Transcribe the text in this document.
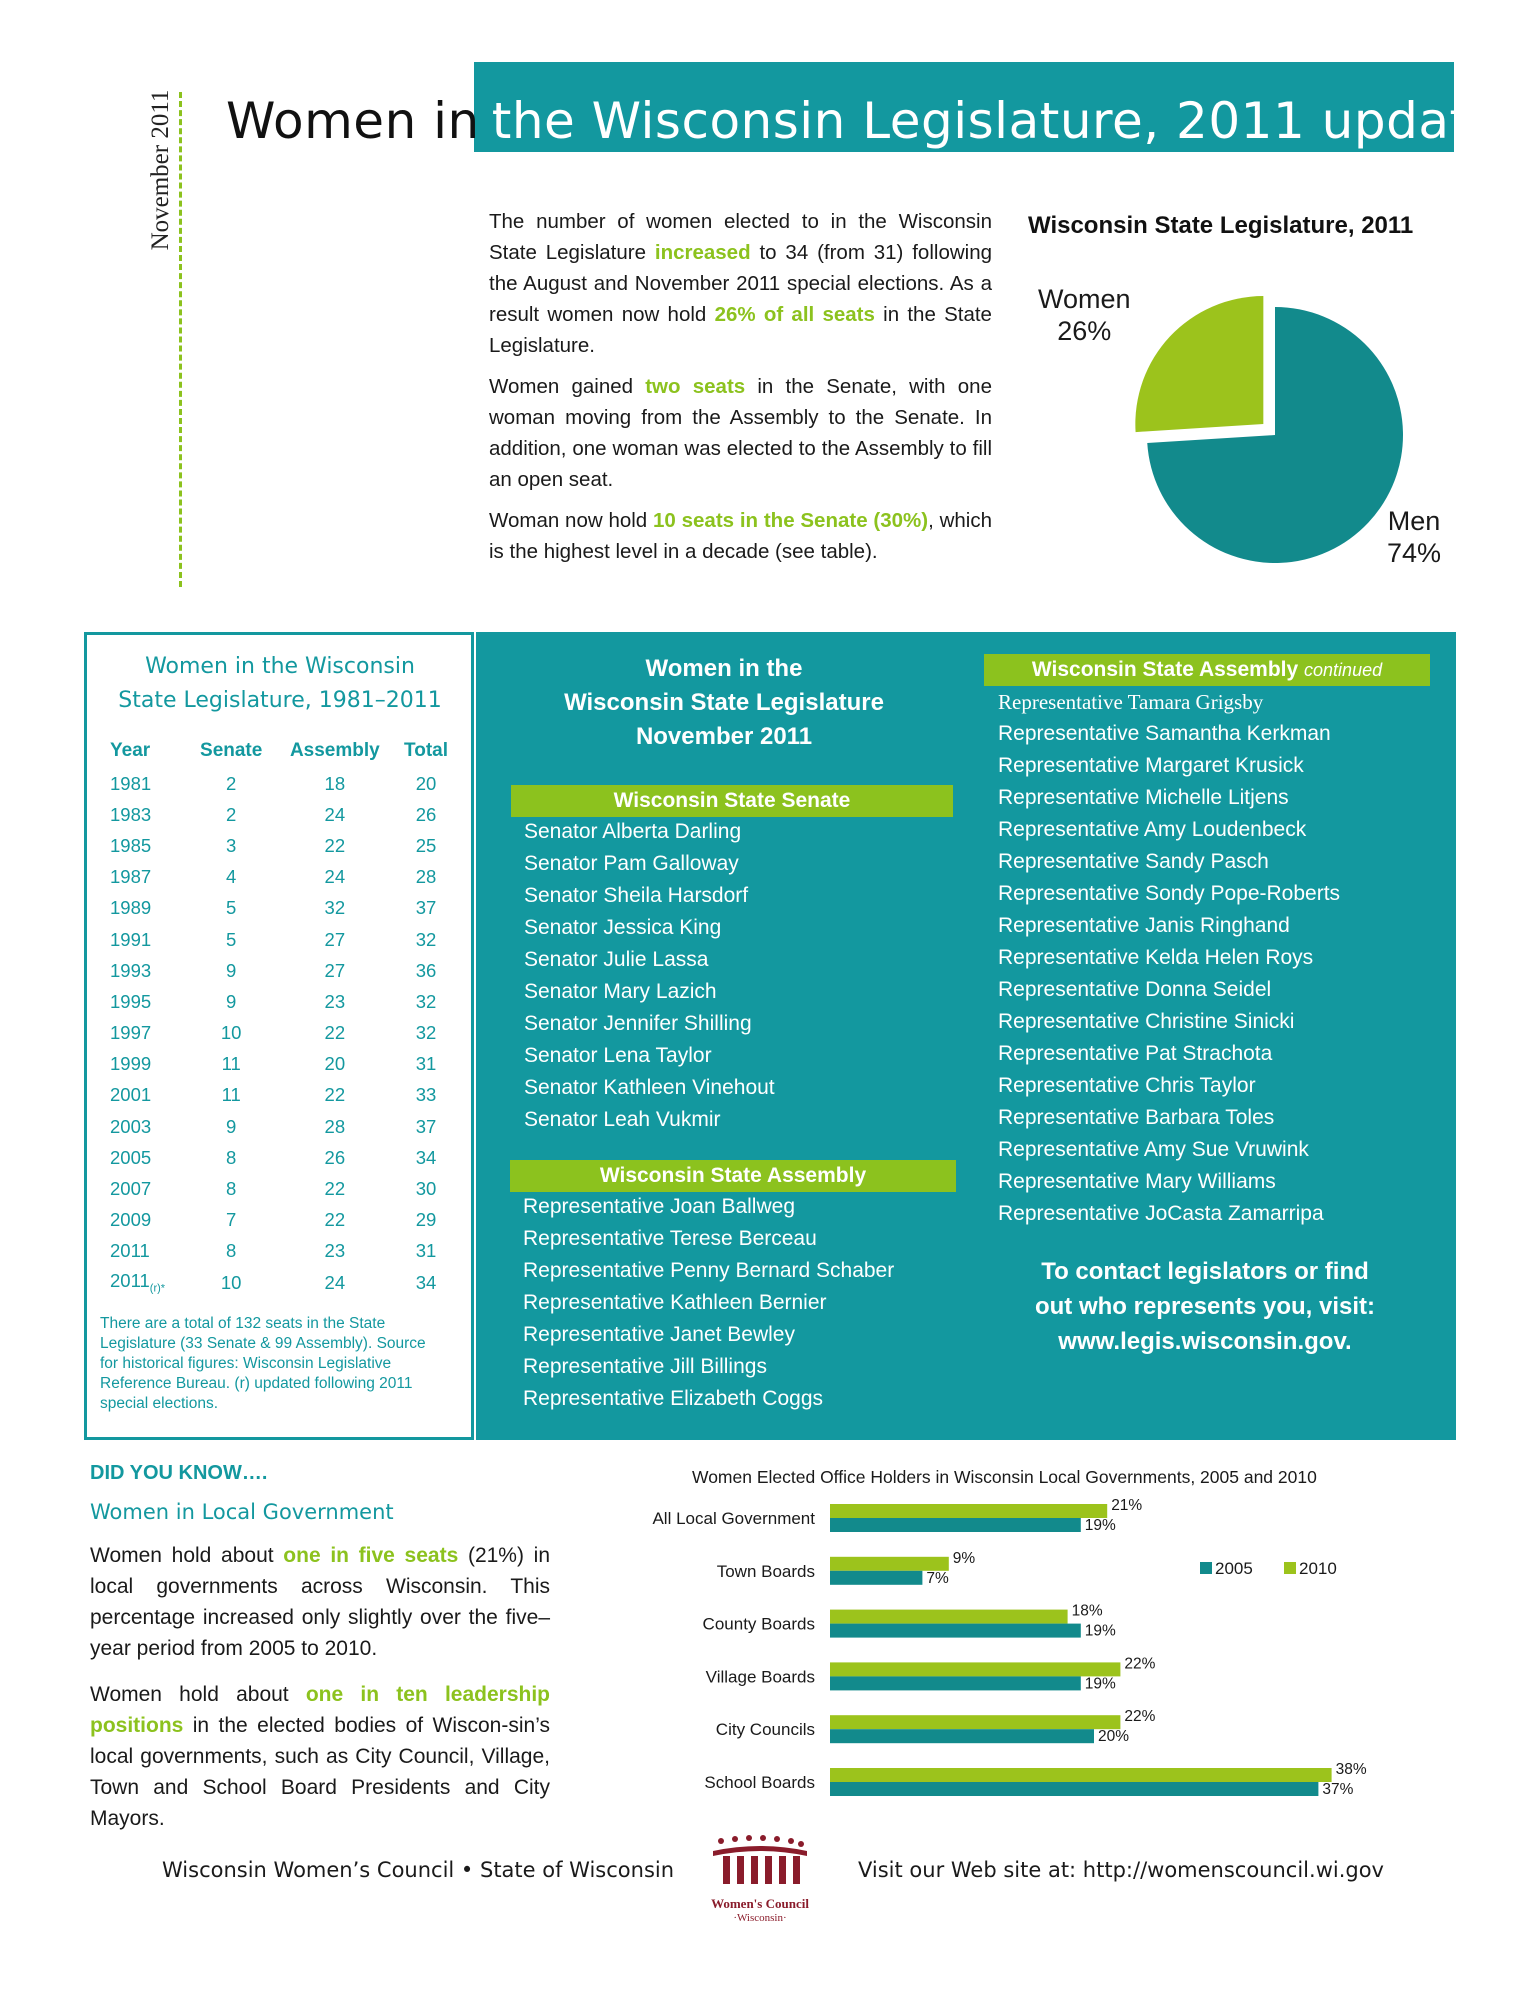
November 2011 Women in the Wisconsin Legislature, 2011 update

The number of women elected to in the Wisconsin State Legislature increased to 34 (from 31) following the August and November 2011 special elections. As a result women now hold 26% of all seats in the State Legislature.

Women gained two seats in the Senate, with one woman moving from the Assembly to the Senate. In addition, one woman was elected to the Assembly to fill an open seat.

Woman now hold 10 seats in the Senate (30%), which is the highest level in a decade (see table).

Wisconsin State Legislature, 2011
Women
26%
Men
74%
Women in the Wisconsin
State Legislature, 1981–2011
Year	Senate	Assembly	Total
1981	2	18	20
1983	2	24	26
1985	3	22	25
1987	4	24	28
1989	5	32	37
1991	5	27	32
1993	9	27	36
1995	9	23	32
1997	10	22	32
1999	11	20	31
2001	11	22	33
2003	9	28	37
2005	8	26	34
2007	8	22	30
2009	7	22	29
2011	8	23	31
$2011_{(r)*}$	10	24	34
There are a total of 132 seats in the State Legislature (33 Senate & 99 Assembly). Source for historical figures: Wisconsin Legislative Reference Bureau. (r) updated following 2011 special elections.
Women in the
Wisconsin State Legislature
November 2011
Wisconsin State Senate
Senator Alberta Darling
Senator Pam Galloway
Senator Sheila Harsdorf
Senator Jessica King
Senator Julie Lassa
Senator Mary Lazich
Senator Jennifer Shilling
Senator Lena Taylor
Senator Kathleen Vinehout
Senator Leah Vukmir
Wisconsin State Assembly
Representative Joan Ballweg
Representative Terese Berceau
Representative Penny Bernard Schaber
Representative Kathleen Bernier
Representative Janet Bewley
Representative Jill Billings
Representative Elizabeth Coggs
Wisconsin State Assembly continued
Representative Tamara Grigsby
Representative Samantha Kerkman
Representative Margaret Krusick
Representative Michelle Litjens
Representative Amy Loudenbeck
Representative Sandy Pasch
Representative Sondy Pope-Roberts
Representative Janis Ringhand
Representative Kelda Helen Roys
Representative Donna Seidel
Representative Christine Sinicki
Representative Pat Strachota
Representative Chris Taylor
Representative Barbara Toles
Representative Amy Sue Vruwink
Representative Mary Williams
Representative JoCasta Zamarripa
To contact legislators or find
out who represents you, visit:
www.legis.wisconsin.gov.
DID YOU KNOW….
Women in Local Government

Women hold about one in five seats (21%) in local governments across Wisconsin. This percentage increased only slightly over the five–year period from 2005 to 2010.

Women hold about one in ten leadership positions in the elected bodies of Wiscon-sin’s local governments, such as City Council, Village, Town and School Board Presidents and City Mayors.

Women Elected Office Holders in Wisconsin Local Governments, 2005 and 2010
All Local Government
21%
19%
Town Boards
9%
7%
County Boards
18%
19%
Village Boards
22%
19%
City Councils
22%
20%
School Boards
38%
37%
2005	2010
Wisconsin Women’s Council • State of Wisconsin
Women's Council
·Wisconsin·
Visit our Web site at: http://womenscouncil.wi.gov
